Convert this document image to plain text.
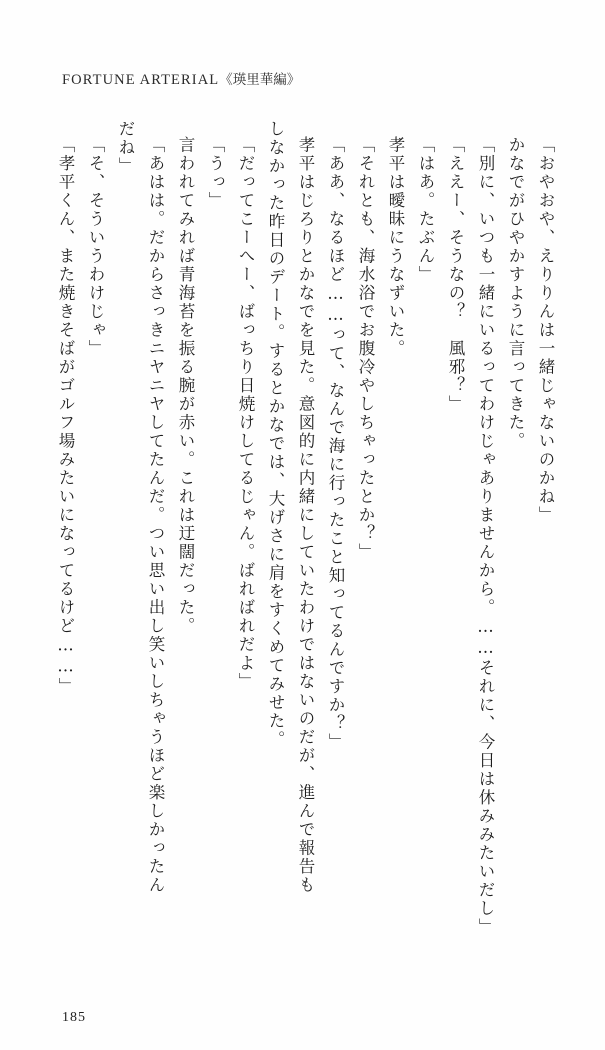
FORTUNE ARTERIAL《瑛里華編》
「孝平くん、また焼きそばがゴルフ場みたいになってるけど……」 「そ、そういうわけじゃ」 だね」 「あはは。だからさっきニヤニヤしてたんだ。つい思い出し笑いしちゃうほど楽しかったん 言われてみれば青海苔を振る腕が赤い。これは迂闊だった。 「うっ」 「だってこーへー、ばっちり日焼けしてるじゃん。ばればれだよ」 しなかった昨日のデート。するとかなでは、大げさに肩をすくめてみせた。 孝平はじろりとかなでを見た。意図的に内緒にしていたわけではないのだが、進んで報告も 「ああ、なるほど……って、なんで海に行ったこと知ってるんですか？」 「それとも、海水浴でお腹冷やしちゃったとか？」 孝平は曖昧にうなずいた。 「はあ。たぶん」 「ええー、そうなの？　風邪？」 「別に、いつも一緒にいるってわけじゃありませんから。……それに、今日は休みみたいだし」 かなでがひやかすように言ってきた。 「おやおや、えりりんは一緒じゃないのかね」
185
